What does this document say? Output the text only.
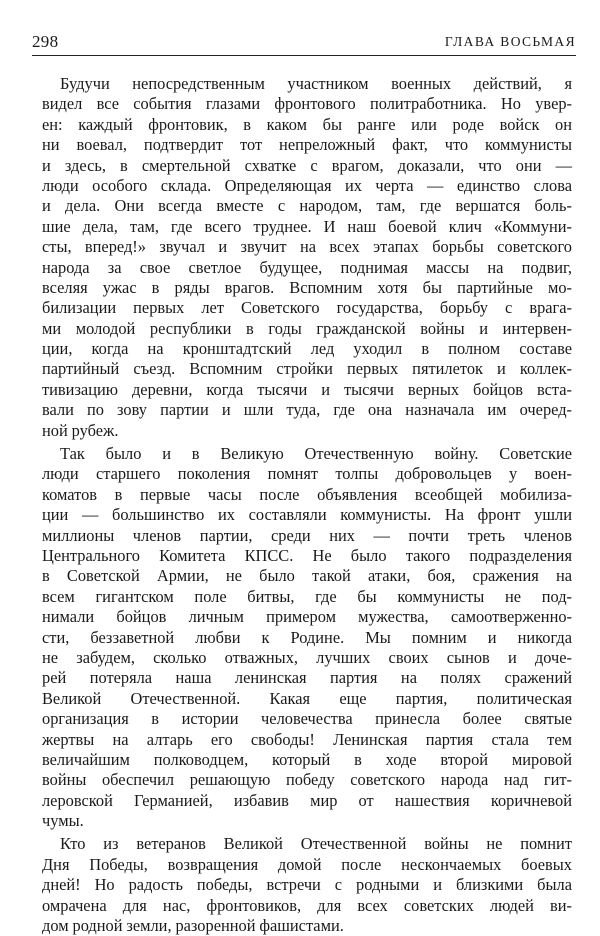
298	ГЛАВА ВОСЬМАЯ
Будучи непосредственным участником военных действий, я
видел все события глазами фронтового политработника. Но увер-
ен: каждый фронтовик, в каком бы ранге или роде войск он
ни воевал, подтвердит тот непреложный факт, что коммунисты
и здесь, в смертельной схватке с врагом, доказали, что они —
люди особого склада. Определяющая их черта — единство слова
и дела. Они всегда вместе с народом, там, где вершатся боль-
шие дела, там, где всего труднее. И наш боевой клич «Коммуни-
сты, вперед!» звучал и звучит на всех этапах борьбы советского
народа за свое светлое будущее, поднимая массы на подвиг,
вселяя ужас в ряды врагов. Вспомним хотя бы партийные мо-
билизации первых лет Советского государства, борьбу с врага-
ми молодой республики в годы гражданской войны и интервен-
ции, когда на кронштадтский лед уходил в полном составе
партийный съезд. Вспомним стройки первых пятилеток и коллек-
тивизацию деревни, когда тысячи и тысячи верных бойцов вста-
вали по зову партии и шли туда, где она назначала им очеред-
ной рубеж.
Так было и в Великую Отечественную войну. Советские
люди старшего поколения помнят толпы добровольцев у воен-
коматов в первые часы после объявления всеобщей мобилиза-
ции — большинство их составляли коммунисты. На фронт ушли
миллионы членов партии, среди них — почти треть членов
Центрального Комитета КПСС. Не было такого подразделения
в Советской Армии, не было такой атаки, боя, сражения на
всем гигантском поле битвы, где бы коммунисты не под-
нимали бойцов личным примером мужества, самоотверженно-
сти, беззаветной любви к Родине. Мы помним и никогда
не забудем, сколько отважных, лучших своих сынов и доче-
рей потеряла наша ленинская партия на полях сражений
Великой Отечественной. Какая еще партия, политическая
организация в истории человечества принесла более святые
жертвы на алтарь его свободы! Ленинская партия стала тем
величайшим полководцем, который в ходе второй мировой
войны обеспечил решающую победу советского народа над гит-
леровской Германией, избавив мир от нашествия коричневой
чумы.
Кто из ветеранов Великой Отечественной войны не помнит
Дня Победы, возвращения домой после нескончаемых боевых
дней! Но радость победы, встречи с родными и близкими была
омрачена для нас, фронтовиков, для всех советских людей ви-
дом родной земли, разоренной фашистами.
